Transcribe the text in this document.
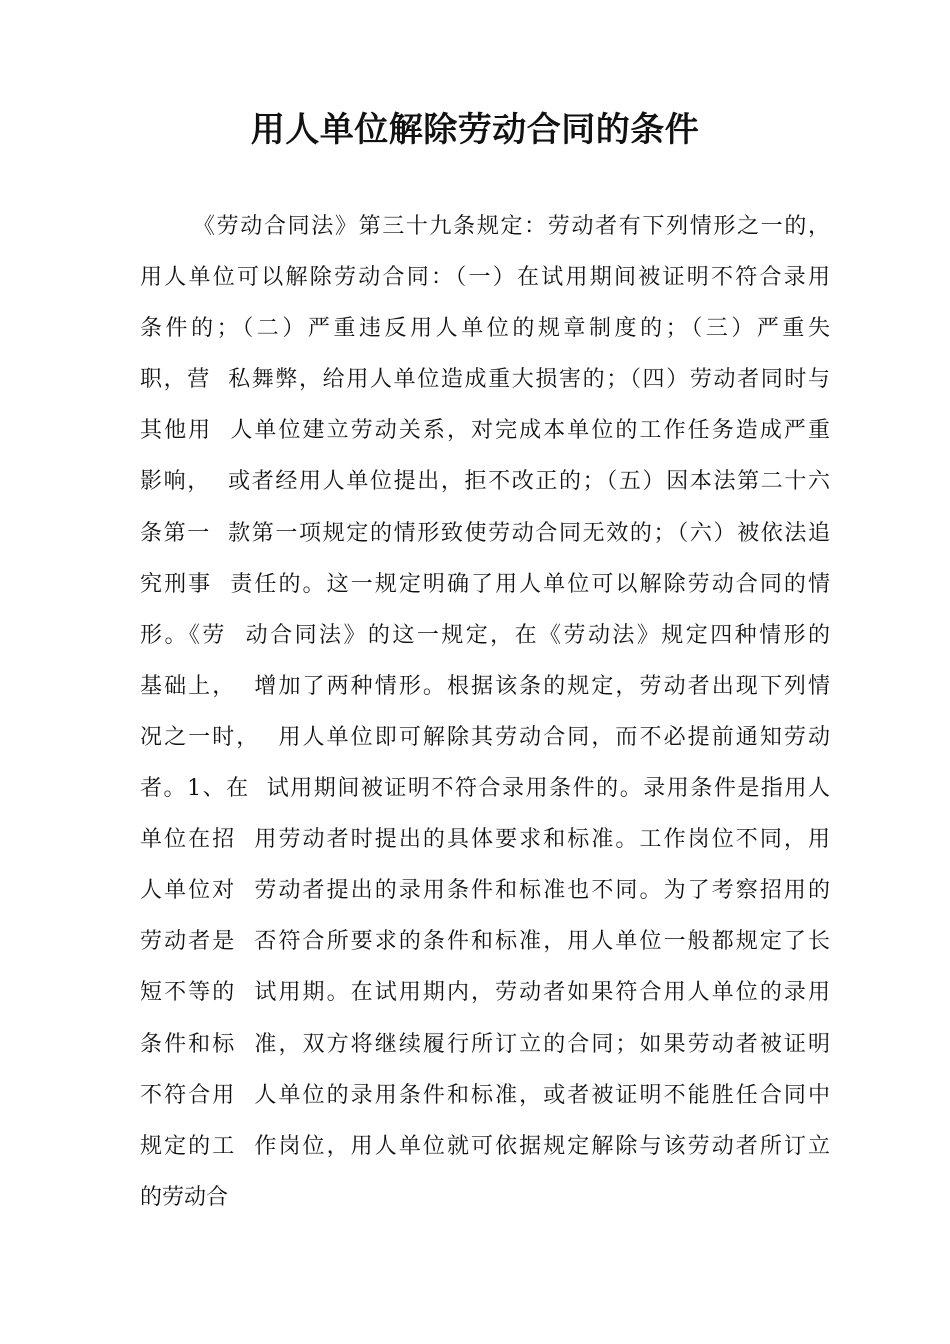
用人单位解除劳动合同的条件
《劳动合同法》第三十九条规定：劳动者有下列情形之一的，
用人单位可以解除劳动合同：（一）在试用期间被证明不符合录用
条件的；（二）严重违反用人单位的规章制度的；（三）严重失
职，营  私舞弊，给用人单位造成重大损害的；（四）劳动者同时与
其他用  人单位建立劳动关系，对完成本单位的工作任务造成严重
影响，  或者经用人单位提出，拒不改正的；（五）因本法第二十六
条第一  款第一项规定的情形致使劳动合同无效的；（六）被依法追
究刑事  责任的。这一规定明确了用人单位可以解除劳动合同的情
形。《劳  动合同法》的这一规定，在《劳动法》规定四种情形的
基础上，  增加了两种情形。根据该条的规定，劳动者出现下列情
况之一时，  用人单位即可解除其劳动合同，而不必提前通知劳动
者。1、在  试用期间被证明不符合录用条件的。录用条件是指用人
单位在招  用劳动者时提出的具体要求和标准。工作岗位不同，用
人单位对  劳动者提出的录用条件和标准也不同。为了考察招用的
劳动者是  否符合所要求的条件和标准，用人单位一般都规定了长
短不等的  试用期。在试用期内，劳动者如果符合用人单位的录用
条件和标  准，双方将继续履行所订立的合同；如果劳动者被证明
不符合用  人单位的录用条件和标准，或者被证明不能胜任合同中
规定的工  作岗位，用人单位就可依据规定解除与该劳动者所订立
的劳动合
